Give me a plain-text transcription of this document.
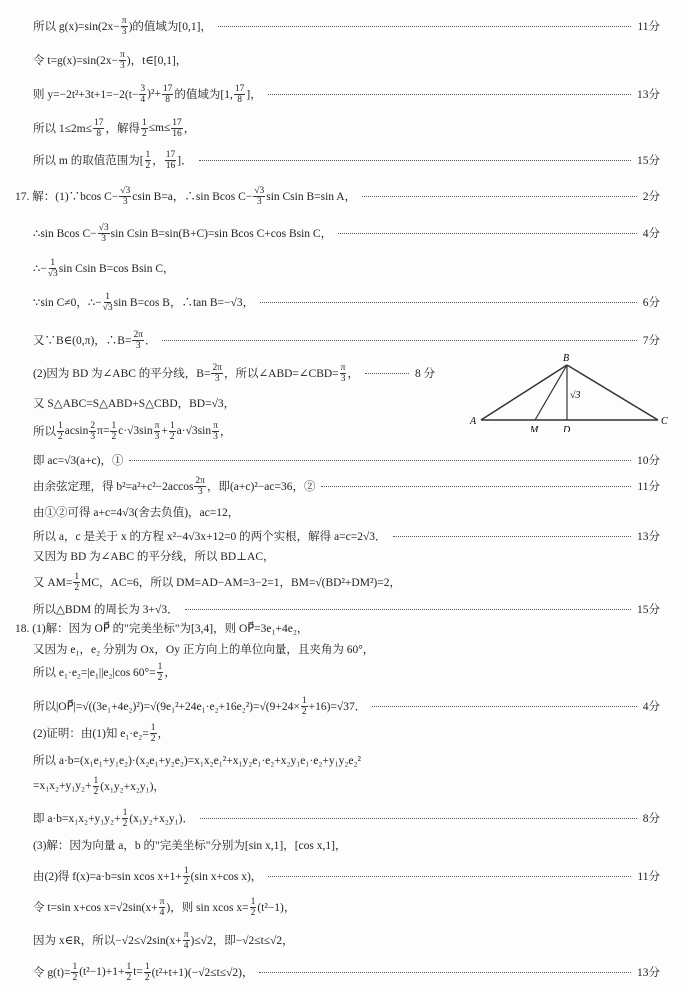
所以 $g(x)=\sin(2x- \frac{\pi}{3}$ )的值域为[0,1]，	11分
令 $t=g(x)=\sin(2x- \frac{\pi}{3}$ )，t∈[0,1]，
则 $y=-2t^2+3t+1=-2(t- \frac{3}{4} )^2+ \frac{17}{8}$ 的值域为[1, $\frac{17}{8}$ ]，	13分
所以 $1\le 2m\le \frac{17}{8}$ ，解得 $\frac{1}{2} \le m\le \frac{17}{16}$ ，
所以 m 的取值范围为[ $\frac{1}{2}$ ， $\frac{17}{16}$ ]．	15分
17. 解：(1)∵bcos $C- \frac{√3}{3}$ csin B=a，∴sin Bcos $C- \frac{√3}{3}$ sin Csin B=sin A，	2分
∴sin Bcos $C- \frac{√3}{3}$ sin Csin B=sin(B+C)=sin Bcos C+cos Bsin C，	4分
∴− $\frac{1}{√3}$ sin Csin B=cos Bsin C，
∵sin C≠0，∴− $\frac{1}{√3}$ sin B=cos B，∴tan B=−√3，	6分
又∵B∈(0,π)，∴B= $\frac{2\pi}{3}$ ．	7分
(2)因为 BD 为∠ABC 的平分线，$B= \frac{2\pi}{3}$ ，所以∠ABD=∠CBD= $\frac{\pi}{3}$ ，	8 分
又 S△ABC=S△ABD+S△CBD，BD=√3，
所以 $\frac{1}{2}$ acsin $\frac{2}{3} \pi= \frac{1}{2} c\cdot√3\sin \frac{\pi}{3} + \frac{1}{2} a\cdot√3\sin \frac{\pi}{3}$ ，
即 ac=√3(a+c)，①	10分
由余弦定理，得 $b^2=a^2+c^2-2accos \frac{2\pi}{3}$ ，即(a+c)²−ac=36，②	11分
由①②可得 a+c=4√3(舍去负值)，ac=12，
所以 a，c 是关于 x 的方程 x²−4√3x+12=0 的两个实根，解得 a=c=2√3．	13分
又因为 BD 为∠ABC 的平分线，所以 BD⊥AC，
又 $AM= \frac{1}{2}$ MC，AC=6，所以 DM=AD−AM=3−2=1，BM=√(BD²+DM²)=2，
所以△BDM 的周长为 3+√3．	15分
18. (1)解：因为 OP⃗ 的"完美坐标"为[3,4]，则 OP⃗=3e₁+4e₂，
又因为 e₁，e₂ 分别为 Ox，Oy 正方向上的单位向量，且夹角为 60°，
所以 e₁·e₂=|e₁||e₂|cos $60^\circ= \frac{1}{2}$ ，
所以|OP⃗|=√((3e₁+4e₂)²)=√(9e₁²+24e₁·e₂+16e₂²)=√(9+24× $\frac{1}{2} +16)=√37$．	4分
(2)证明：由(1)知 $e_1\cdot e_2= \frac{1}{2}$ ，
所以 a·b=(x₁e₁+y₁e₂)·(x₂e₁+y₂e₂)=x₁x₂e₁²+x₁y₂e₁·e₂+x₂y₁e₁·e₂+y₁y₂e₂²
$=x_1x_2+y_1y_2+ \frac{1}{2} (x_1y_2+x_2y_1)$，
即 $a\cdot b=x_1x_2+y_1y_2+ \frac{1}{2} (x_1y_2+x_2y_1)$．	8分
(3)解：因为向量 a，b 的"完美坐标"分别为[sin x,1]，[cos x,1]，
由(2)得 f(x)=a·b=sin xcos $x+1+ \frac{1}{2} (\sin$ x+cos x)，	11分
令 t=sin x+cos $x=√2\sin(x+ \frac{\pi}{4}$ )，则 sin xcos $x= \frac{1}{2} (t^2-1)$，
因为 x∈R，所以$-√2\le√2\sin(x+ \frac{\pi}{4} )\le√2$，即−√2≤t≤√2，
令 $g(t)= \frac{1}{2} (t^2-1)+1+ \frac{1}{2} t= \frac{1}{2} (t^2+t+1)(-√2\le t\le√2)$，	13分
B
A	C
M D
√3
